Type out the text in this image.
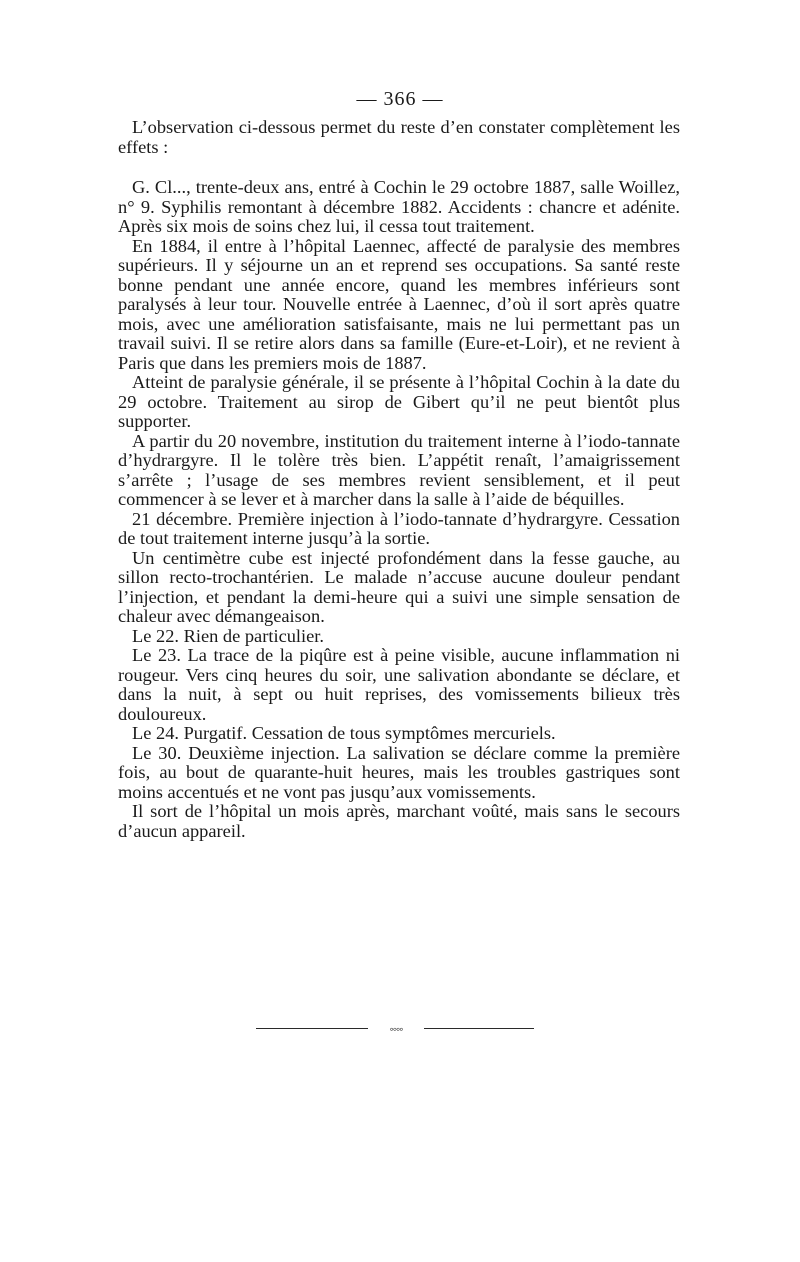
— 366 —

L’observation ci-dessous permet du reste d’en constater complètement les effets :

G. Cl..., trente-deux ans, entré à Cochin le 29 octobre 1887, salle Woillez, n° 9. Syphilis remontant à décembre 1882. Accidents : chancre et adénite. Après six mois de soins chez lui, il cessa tout traitement.

En 1884, il entre à l’hôpital Laennec, affecté de paralysie des membres supérieurs. Il y séjourne un an et reprend ses occupations. Sa santé reste bonne pendant une année encore, quand les membres inférieurs sont paralysés à leur tour. Nouvelle entrée à Laennec, d’où il sort après quatre mois, avec une amélioration satisfaisante, mais ne lui permettant pas un travail suivi. Il se retire alors dans sa famille (Eure-et-Loir), et ne revient à Paris que dans les premiers mois de 1887.

Atteint de paralysie générale, il se présente à l’hôpital Cochin à la date du 29 octobre. Traitement au sirop de Gibert qu’il ne peut bientôt plus supporter.

A partir du 20 novembre, institution du traitement interne à l’iodo-tannate d’hydrargyre. Il le tolère très bien. L’appétit renaît, l’amaigrissement s’arrête ; l’usage de ses membres revient sensiblement, et il peut commencer à se lever et à marcher dans la salle à l’aide de béquilles.

21 décembre. Première injection à l’iodo-tannate d’hydrargyre. Cessation de tout traitement interne jusqu’à la sortie.

Un centimètre cube est injecté profondément dans la fesse gauche, au sillon recto-trochantérien. Le malade n’accuse aucune douleur pendant l’injection, et pendant la demi-heure qui a suivi une simple sensation de chaleur avec démangeaison.

Le 22. Rien de particulier.

Le 23. La trace de la piqûre est à peine visible, aucune inflammation ni rougeur. Vers cinq heures du soir, une salivation abondante se déclare, et dans la nuit, à sept ou huit reprises, des vomissements bilieux très douloureux.

Le 24. Purgatif. Cessation de tous symptômes mercuriels.

Le 30. Deuxième injection. La salivation se déclare comme la première fois, au bout de quarante-huit heures, mais les troubles gastriques sont moins accentués et ne vont pas jusqu’aux vomissements.

Il sort de l’hôpital un mois après, marchant voûté, mais sans le secours d’aucun appareil.

◦◦◦◦
